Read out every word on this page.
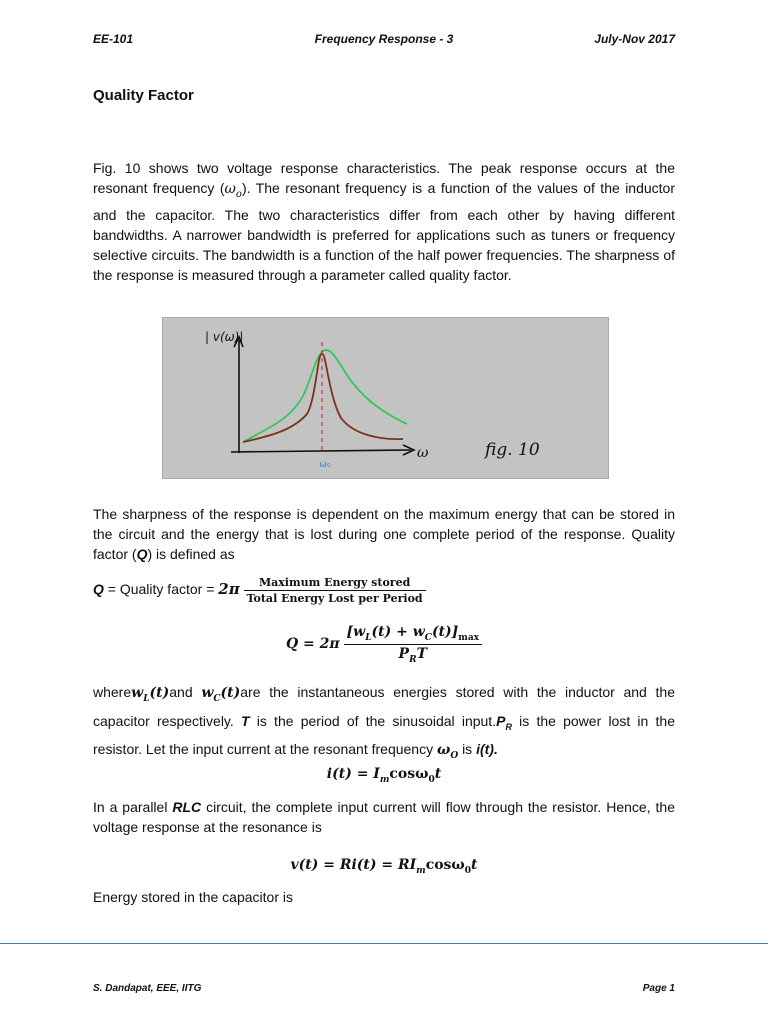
EE-101	Frequency Response - 3	July-Nov 2017
Quality Factor

Fig. 10 shows two voltage response characteristics. The peak response occurs at the resonant frequency $(\omega_o)$. The resonant frequency is a function of the values of the inductor and the capacitor. The two characteristics differ from each other by having different bandwidths. A narrower bandwidth is preferred for applications such as tuners or frequency selective circuits. The bandwidth is a function of the half power frequencies. The sharpness of the response is measured through a parameter called quality factor.

| v(ω)|
ω
ω₀
fig. 10

The sharpness of the response is dependent on the maximum energy that can be stored in the circuit and the energy that is lost during one complete period of the response. Quality factor (Q) is defined as

Q = Quality factor = $2\pi \frac{\text{Maximum Energy stored}}{\text{Total Energy Lost per Period}}$
$Q = 2\pi \frac{[w_L(t) + w_C(t)]_{max}}{P_RT}$

wherew$_L$(t)and $w_C(t)are$ the instantaneous energies stored with the inductor and the capacitor respectively. T is the period of the sinusoidal $input.P_R$ is the power lost in the resistor. Let the input current at the resonant frequency $\omega_O$ is i(t).

$i(t) = I_m\cos\omega_0t$

In a parallel RLC circuit, the complete input current will flow through the resistor. Hence, the voltage response at the resonance is

$v(t) = Ri(t) = RI_m\cos\omega_0t$

Energy stored in the capacitor is

S. Dandapat, EEE, IITG	Page 1
